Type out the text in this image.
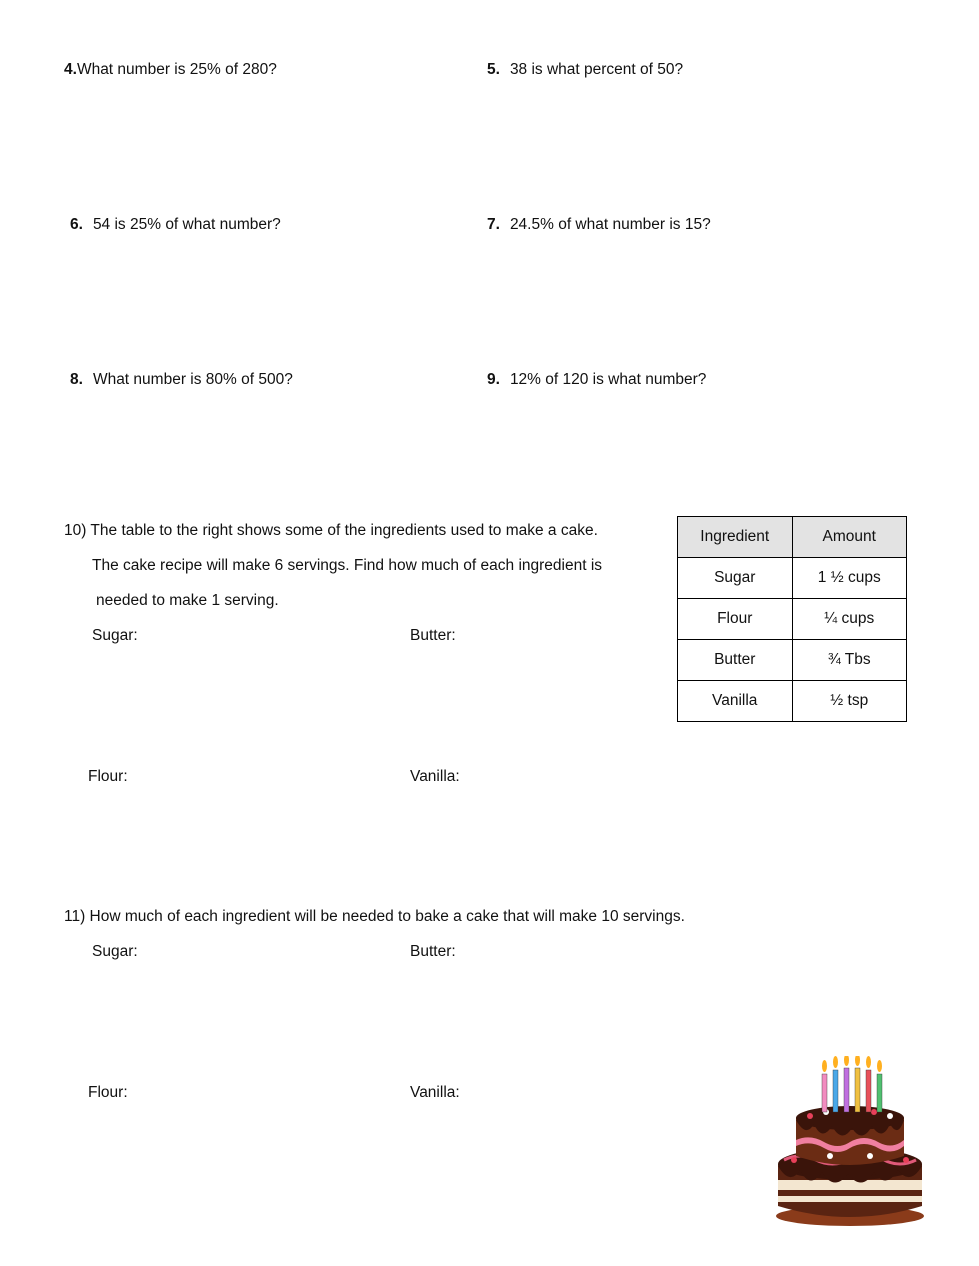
4.What number is 25% of 280?	5. 38 is what percent of 50?
6. 54 is 25% of what number?	7. 24.5% of what number is 15?
8. What number is 80% of 500?	9. 12% of 120 is what number?
10) The table to the right shows some of the ingredients used to make a cake.
The cake recipe will make 6 servings. Find how much of each ingredient is
needed to make 1 serving.
Sugar:	Butter:
Flour:	Vanilla:
Ingredient	Amount
Sugar	1 ½ cups
Flour	¼ cups
Butter	¾ Tbs
Vanilla	½ tsp
11) How much of each ingredient will be needed to bake a cake that will make 10 servings.
Sugar:	Butter:
Flour:	Vanilla:
